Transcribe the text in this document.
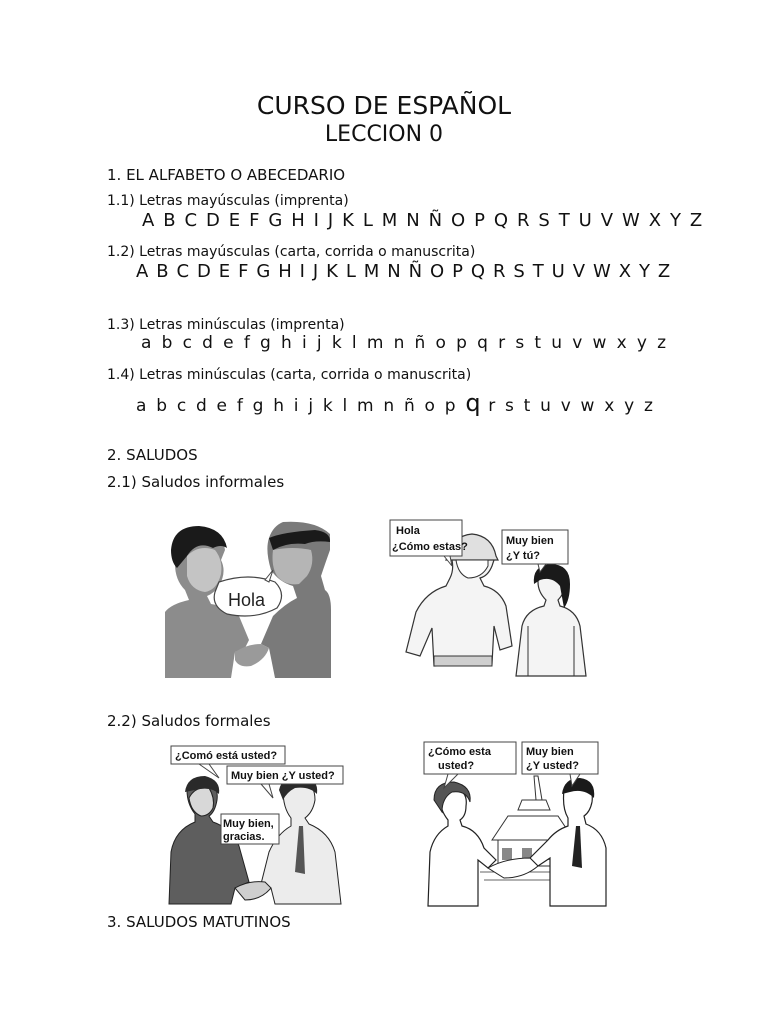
CURSO DE ESPAÑOL
LECCION 0
1. EL ALFABETO O ABECEDARIO
1.1) Letras mayúsculas (imprenta)
A B C D E F G H I J K L M N Ñ O P Q R S T U V W X Y Z
1.2) Letras mayúsculas (carta, corrida o manuscrita)
A B C D E F G H I J K L M N Ñ O P Q R S T U V W X Y Z
1.3) Letras minúsculas (imprenta)
a b c d e f g h i j k l m n ñ o p q r s t u v w x y z
1.4) Letras minúsculas (carta, corrida o manuscrita)
a b c d e f g h i j k l m n ñ o p q r s t u v w x y z
2. SALUDOS
2.1) Saludos informales
Hola
Hola
¿Cómo estas?	Muy bien
¿Y tú?
2.2) Saludos formales
¿Comó está usted?
Muy bien ¿Y usted?
Muy bien,
gracias.
¿Cómo esta
usted?
Muy bien
¿Y usted?
3. SALUDOS MATUTINOS
